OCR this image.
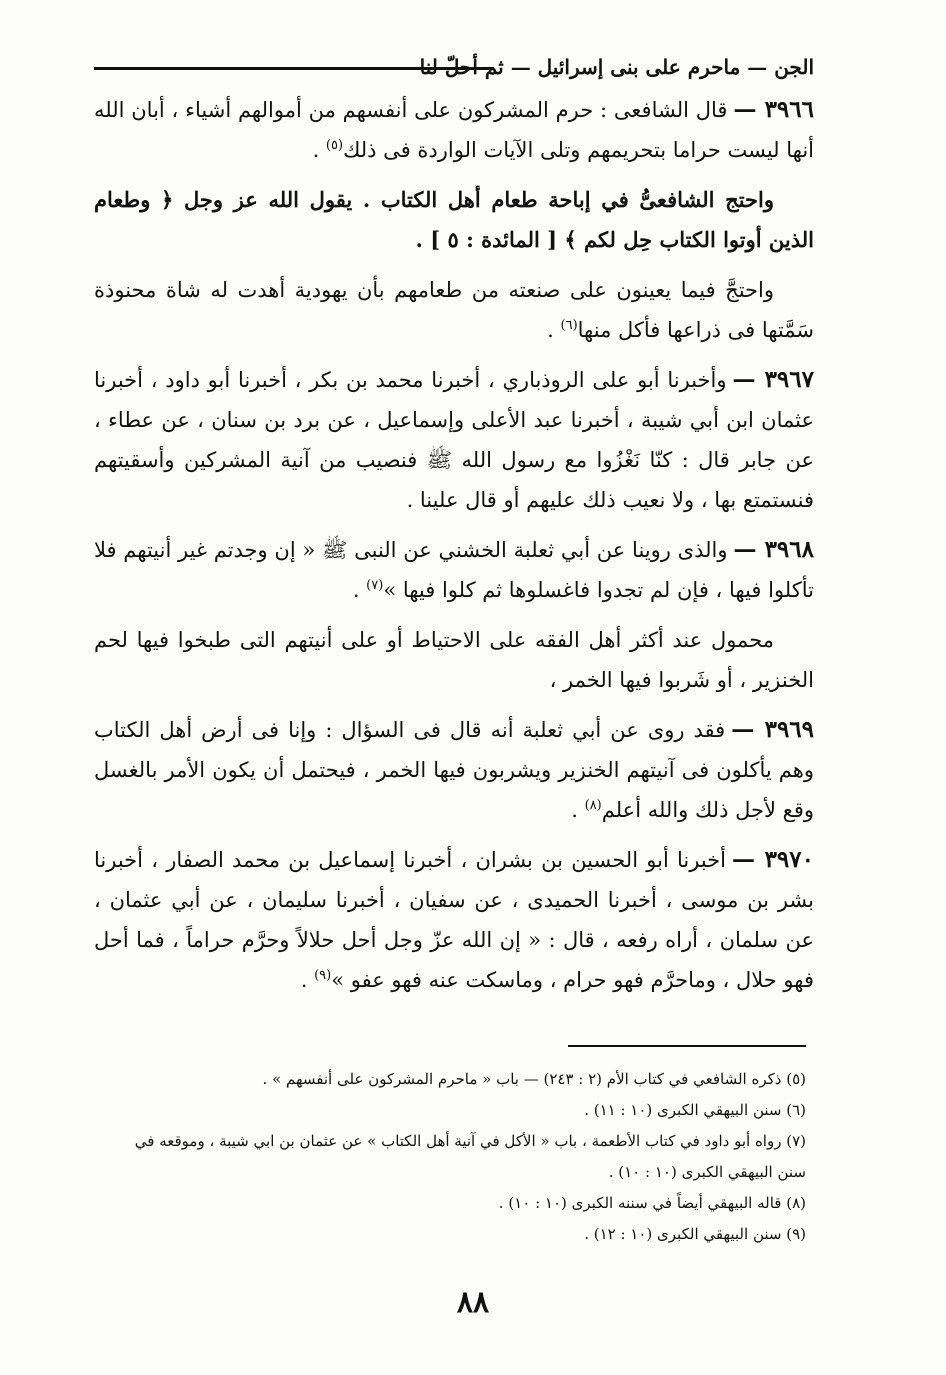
الجن — ماحرم على بنى إسرائيل — ثم أحلّ لنا

٣٩٦٦ —قال الشافعى : حرم المشركون على أنفسهم من أموالهم أشياء ، أبان الله أنها ليست حراما بتحريمهم وتلى الآيات الواردة فى ذلك$^{(٥)}$ .

واحتج الشافعىُّ في إباحة طعام أهل الكتاب . يقول الله عز وجل ﴿ وطعام الذين أوتوا الكتاب حِل لكم ﴾ [ المائدة : ٥ ] .

واحتجَّ فيما يعينون على صنعته من طعامهم بأن يهودية أهدت له شاة محنوذة سَمَّتها فى ذراعها فأكل منها$^{(٦)}$ .

٣٩٦٧ —وأخبرنا أبو على الروذباري ، أخبرنا محمد بن بكر ، أخبرنا أبو داود ، أخبرنا عثمان ابن أبي شيبة ، أخبرنا عبد الأعلى وإسماعيل ، عن برد بن سنان ، عن عطاء ، عن جابر قال : كنّا نَغْزُوا مع رسول الله ﷺ فنصيب من آنية المشركين وأسقيتهم فنستمتع بها ، ولا نعيب ذلك عليهم أو قال علينا .

٣٩٦٨ —والذى روينا عن أبي ثعلبة الخشني عن النبى ﷺ « إن وجدتم غير أنيتهم فلا تأكلوا فيها ، فإن لم تجدوا فاغسلوها ثم كلوا فيها »$^{(٧)}$ .

محمول عند أكثر أهل الفقه على الاحتياط أو على أنيتهم التى طبخوا فيها لحم الخنزير ، أو شَربوا فيها الخمر ،

٣٩٦٩ —فقد روى عن أبي ثعلبة أنه قال فى السؤال : وإنا فى أرض أهل الكتاب وهم يأكلون فى آنيتهم الخنزير ويشربون فيها الخمر ، فيحتمل أن يكون الأمر بالغسل وقع لأجل ذلك والله أعلم$^{(٨)}$ .

٣٩٧٠ —أخبرنا أبو الحسين بن بشران ، أخبرنا إسماعيل بن محمد الصفار ، أخبرنا بشر بن موسى ، أخبرنا الحميدى ، عن سفيان ، أخبرنا سليمان ، عن أبي عثمان ، عن سلمان ، أراه رفعه ، قال : « إن الله عزّ وجل أحل حلالاً وحرَّم حراماً ، فما أحل فهو حلال ، وماحرَّم فهو حرام ، وماسكت عنه فهو عفو »$^{(٩)}$ .

(٥) ذكره الشافعي في كتاب الأم (٢ : ٢٤٣) — باب « ماحرم المشركون على أنفسهم » .

(٦) سنن البيهقي الكبرى (١٠ : ١١) .

(٧) رواه أبو داود في كتاب الأطعمة ، باب « الأكل في آنية أهل الكتاب » عن عثمان بن ابي شيبة ، وموقعه في سنن البيهقي الكبرى (١٠ : ١٠) .

(٨) قاله البيهقي أيضاً في سننه الكبرى (١٠ : ١٠) .

(٩) سنن البيهقي الكبرى (١٠ : ١٢) .

٨٨
